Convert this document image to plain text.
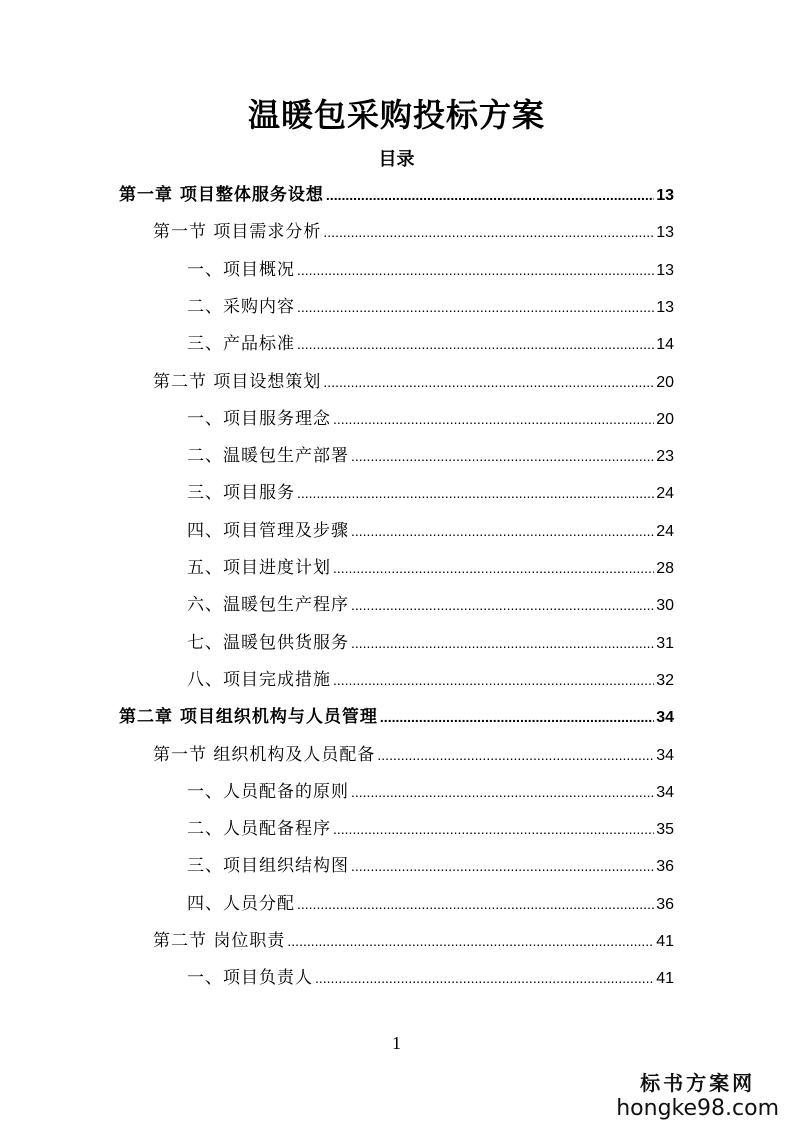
温暖包采购投标方案
目录
第一章 项目整体服务设想 .....	13
第一节 项目需求分析 .....	13
一、项目概况 .....	13
二、采购内容 .....	13
三、产品标准 .....	14
第二节 项目设想策划 .....	20
一、项目服务理念 .....	20
二、温暖包生产部署 .....	23
三、项目服务 .....	24
四、项目管理及步骤 .....	24
五、项目进度计划 .....	28
六、温暖包生产程序 .....	30
七、温暖包供货服务 .....	31
八、项目完成措施 .....	32
第二章 项目组织机构与人员管理 .....	34
第一节 组织机构及人员配备 .....	34
一、人员配备的原则 .....	34
二、人员配备程序 .....	35
三、项目组织结构图 .....	36
四、人员分配 .....	36
第二节 岗位职责 .....	41
一、项目负责人 .....	41
1
标书方案网
hongke98.com
